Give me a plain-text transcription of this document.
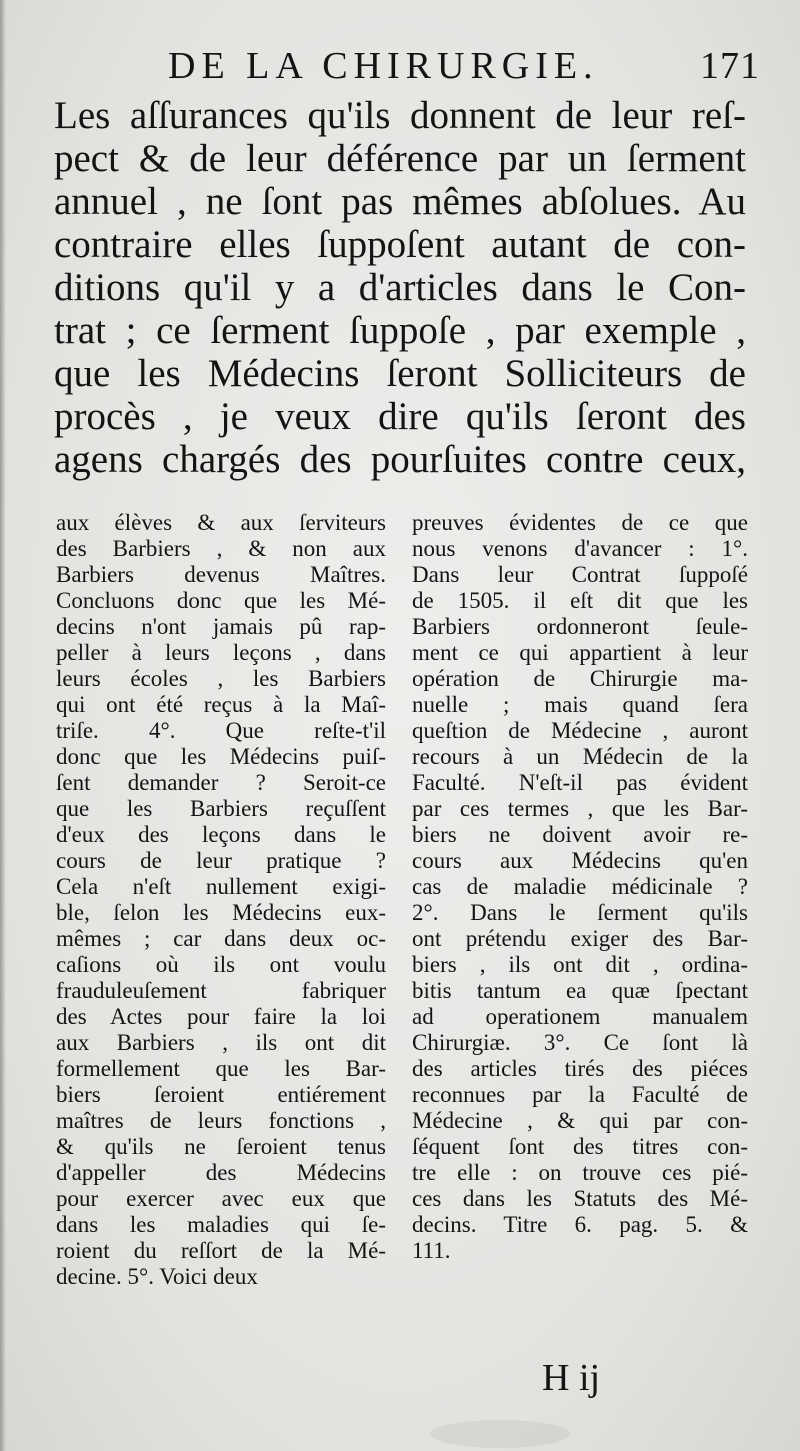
DE LA CHIRURGIE.	171
Les aſſurances qu'ils donnent de leur reſ-
pect & de leur déférence par un ſerment
annuel , ne ſont pas mêmes abſolues. Au
contraire elles ſuppoſent autant de con-
ditions qu'il y a d'articles dans le Con-
trat ; ce ſerment ſuppoſe , par exemple ,
que les Médecins ſeront Solliciteurs de
procès , je veux dire qu'ils ſeront des
agens chargés des pourſuites contre ceux,
aux élèves & aux ſerviteurs
des Barbiers , & non aux
Barbiers devenus Maîtres.
Concluons donc que les Mé-
decins n'ont jamais pû rap-
peller à leurs leçons , dans
leurs écoles , les Barbiers
qui ont été reçus à la Maî-
triſe. 4°. Que reſte-t'il
donc que les Médecins puiſ-
ſent demander ? Seroit-ce
que les Barbiers reçuſſent
d'eux des leçons dans le
cours de leur pratique ?
Cela n'eſt nullement exigi-
ble, ſelon les Médecins eux-
mêmes ; car dans deux oc-
caſions où ils ont voulu
frauduleuſement fabriquer
des Actes pour faire la loi
aux Barbiers , ils ont dit
formellement que les Bar-
biers ſeroient entiérement
maîtres de leurs fonctions ,
& qu'ils ne ſeroient tenus
d'appeller des Médecins
pour exercer avec eux que
dans les maladies qui ſe-
roient du reſſort de la Mé-
decine. 5°. Voici deux
preuves évidentes de ce que
nous venons d'avancer : 1°.
Dans leur Contrat ſuppoſé
de 1505. il eſt dit que les
Barbiers ordonneront ſeule-
ment ce qui appartient à leur
opération de Chirurgie ma-
nuelle ; mais quand ſera
queſtion de Médecine , auront
recours à un Médecin de la
Faculté. N'eſt-il pas évident
par ces termes , que les Bar-
biers ne doivent avoir re-
cours aux Médecins qu'en
cas de maladie médicinale ?
2°. Dans le ſerment qu'ils
ont prétendu exiger des Bar-
biers , ils ont dit , ordina-
bitis tantum ea quæ ſpectant
ad operationem manualem
Chirurgiæ. 3°. Ce ſont là
des articles tirés des piéces
reconnues par la Faculté de
Médecine , & qui par con-
ſéquent ſont des titres con-
tre elle : on trouve ces pié-
ces dans les Statuts des Mé-
decins. Titre 6. pag. 5. &
111.
H ij
